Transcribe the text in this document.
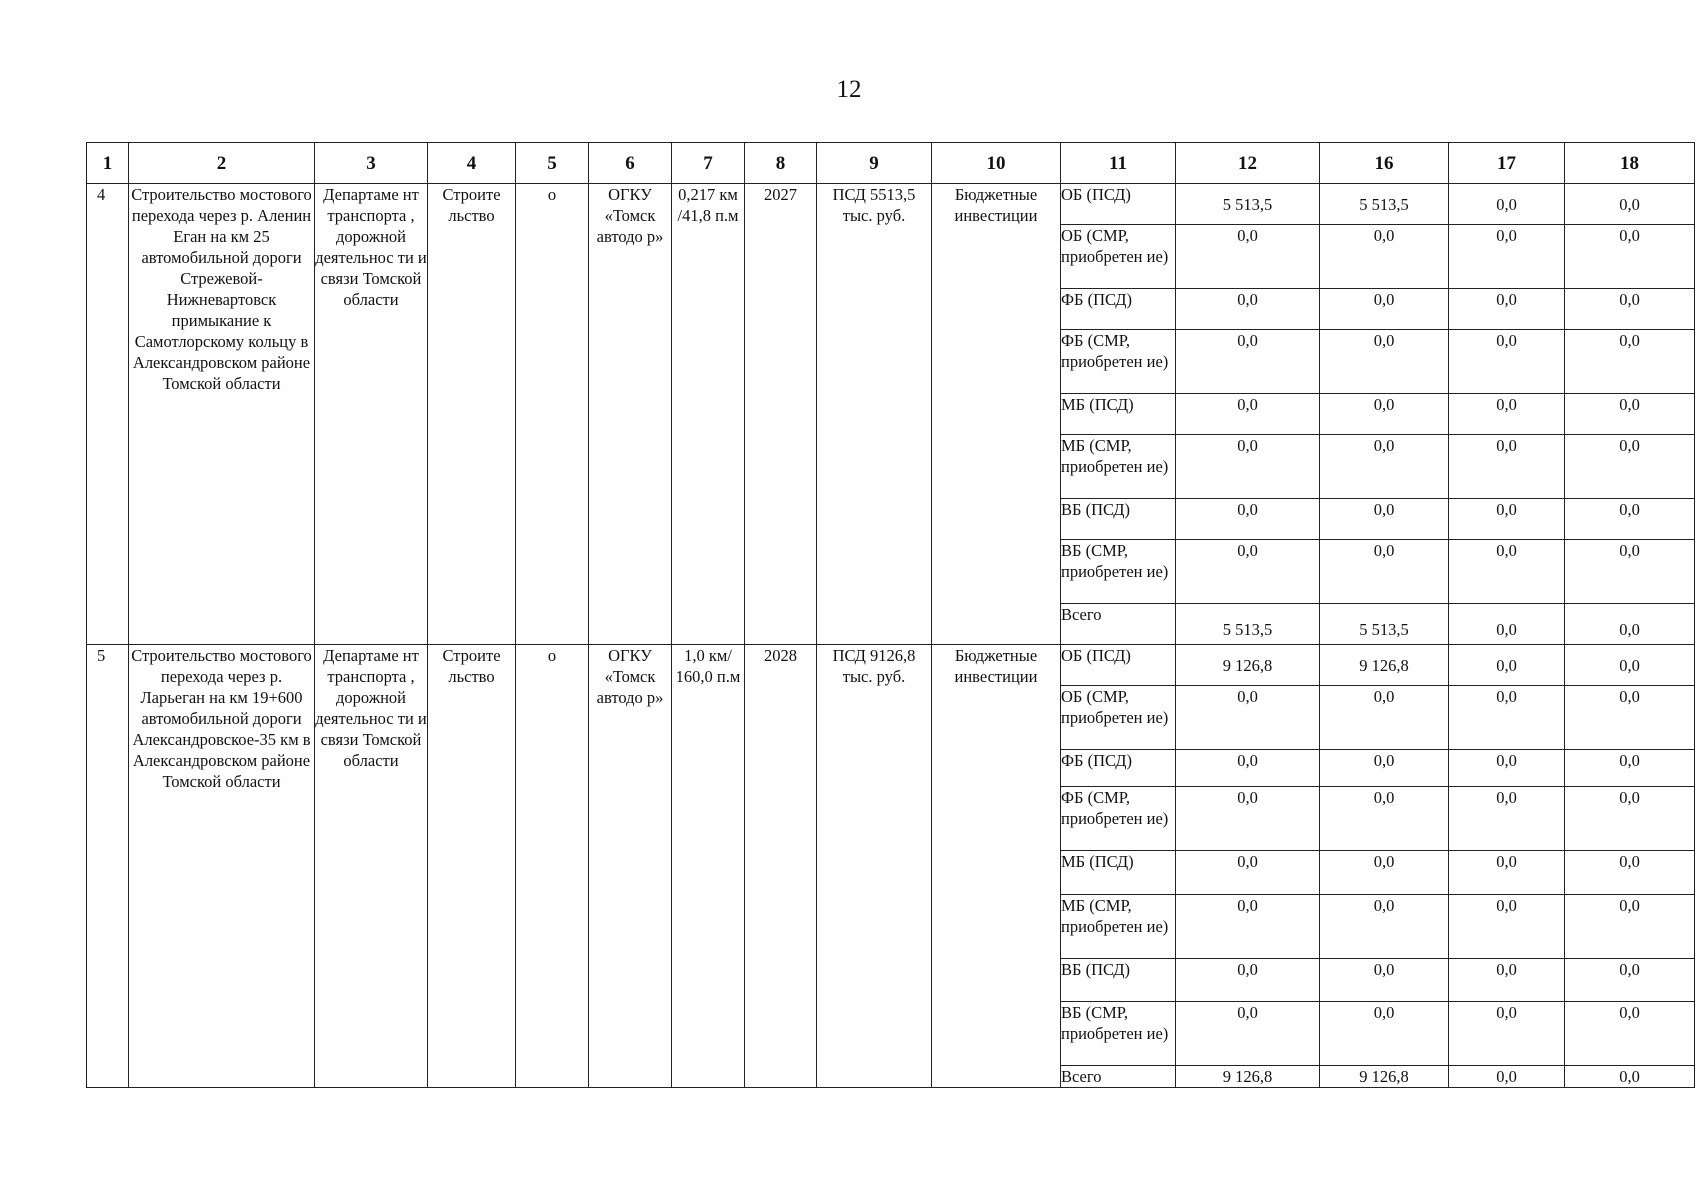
12
1	2	3	4	5	6	7	8	9	10	11	12	16	17	18
4	Строительство мостового перехода через р. Аленин Еган на км 25 автомобильной дороги Стрежевой-Нижневартовск примыкание к Самотлорскому кольцу в Александровском районе Томской области	Департаме нт транспорта , дорожной деятельнос ти и связи Томской области	Строите льство	о	ОГКУ «Томск автодо р»	0,217 км /41,8 п.м	2027	ПСД 5513,5 тыс. руб.	Бюджетные инвестиции	ОБ (ПСД)	5 513,5	5 513,5	0,0	0,0
										ОБ (СМР, приобретен ие)	0,0	0,0	0,0	0,0
										ФБ (ПСД)	0,0	0,0	0,0	0,0
										ФБ (СМР, приобретен ие)	0,0	0,0	0,0	0,0
										МБ (ПСД)	0,0	0,0	0,0	0,0
										МБ (СМР, приобретен ие)	0,0	0,0	0,0	0,0
										ВБ (ПСД)	0,0	0,0	0,0	0,0
										ВБ (СМР, приобретен ие)	0,0	0,0	0,0	0,0
										Всего	5 513,5	5 513,5	0,0	0,0
5	Строительство мостового перехода через р. Ларьеган на км 19+600 автомобильной дороги Александровское-35 км в Александровском районе Томской области	Департаме нт транспорта , дорожной деятельнос ти и связи Томской области	Строите льство	о	ОГКУ «Томск автодо р»	1,0 км/ 160,0 п.м	2028	ПСД 9126,8 тыс. руб.	Бюджетные инвестиции	ОБ (ПСД)	9 126,8	9 126,8	0,0	0,0
										ОБ (СМР, приобретен ие)	0,0	0,0	0,0	0,0
										ФБ (ПСД)	0,0	0,0	0,0	0,0
										ФБ (СМР, приобретен ие)	0,0	0,0	0,0	0,0
										МБ (ПСД)	0,0	0,0	0,0	0,0
										МБ (СМР, приобретен ие)	0,0	0,0	0,0	0,0
										ВБ (ПСД)	0,0	0,0	0,0	0,0
										ВБ (СМР, приобретен ие)	0,0	0,0	0,0	0,0
										Всего	9 126,8	9 126,8	0,0	0,0
